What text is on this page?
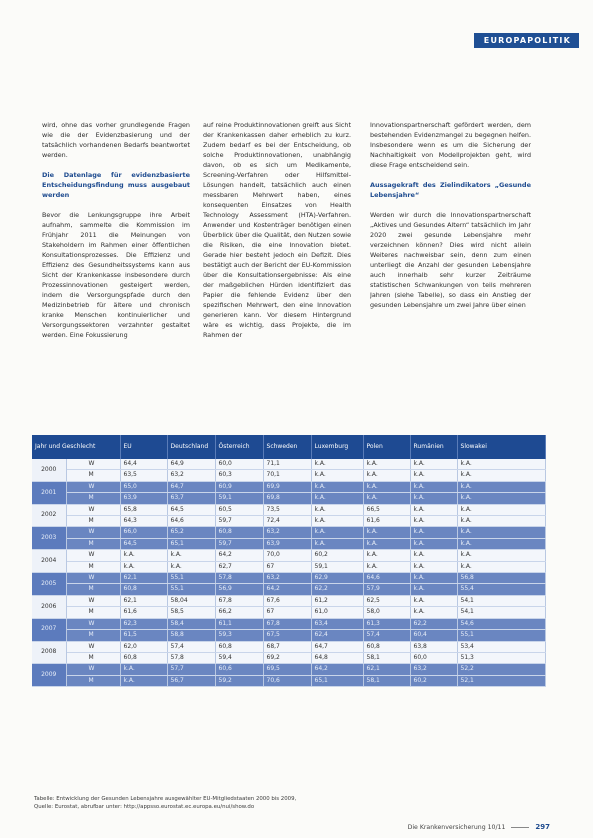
EUROPAPOLITIK

wird, ohne das vorher grundlegende Fragen wie die der Evidenzbasierung und der tatsächlich vorhandenen Bedarfs beantwortet werden.

Die Datenlage für evidenzbasierte Entscheidungsfindung muss ausgebaut werden

Bevor die Lenkungsgruppe ihre Arbeit aufnahm, sammelte die Kommission im Frühjahr 2011 die Meinungen von Stakeholdern im Rahmen einer öffentlichen Konsultationsprozesses. Die Effizienz und Effizienz des Gesundheitssystems kann aus Sicht der Krankenkasse insbesondere durch Prozessinnovationen gesteigert werden, indem die Versorgungspfade durch den Medizinbetrieb für ältere und chronisch kranke Menschen kontinuierlicher und Versorgungssektoren verzahnter gestaltet werden. Eine Fokussierung

auf reine Produktinnovationen greift aus Sicht der Krankenkassen daher erheblich zu kurz. Zudem bedarf es bei der Entscheidung, ob solche Produktinnovationen, unabhängig davon, ob es sich um Medikamente, Screening-Verfahren oder Hilfsmittel-Lösungen handelt, tatsächlich auch einen messbaren Mehrwert haben, eines konsequenten Einsatzes von Health Technology Assessment (HTA)-Verfahren. Anwender und Kostenträger benötigen einen Überblick über die Qualität, den Nutzen sowie die Risiken, die eine Innovation bietet. Gerade hier besteht jedoch ein Defizit. Dies bestätigt auch der Bericht der EU-Kommission über die Konsultationsergebnisse: Als eine der maßgeblichen Hürden identifiziert das Papier die fehlende Evidenz über den spezifischen Mehrwert, den eine Innovation generieren kann. Vor diesem Hintergrund wäre es wichtig, dass Projekte, die im Rahmen der

Innovationspartnerschaft gefördert werden, dem bestehenden Evidenzmangel zu begegnen helfen. Insbesondere wenn es um die Sicherung der Nachhaltigkeit von Modellprojekten geht, wird diese Frage entscheidend sein.

Aussagekraft des Zielindikators „Gesunde Lebensjahre“

Werden wir durch die Innovationspartnerschaft „Aktives und Gesundes Altern“ tatsächlich im Jahr 2020 zwei gesunde Lebensjahre mehr verzeichnen können? Dies wird nicht allein Weiteres nachweisbar sein, denn zum einen unterliegt die Anzahl der gesunden Lebensjahre auch innerhalb sehr kurzer Zeiträume statistischen Schwankungen von teils mehreren Jahren (siehe Tabelle), so dass ein Anstieg der gesunden Lebensjahre um zwei Jahre über einen

Jahr und Geschlecht		EU	Deutschland	Österreich	Schweden	Luxemburg	Polen	Rumänien	Slowakei
2000	W	64,4	64,9	60,0	71,1	k.A.	k.A.	k.A.	k.A.
	M	63,5	63,2	60,3	70,1	k.A.	k.A.	k.A.	k.A.
2001	W	65,0	64,7	60,9	69,9	k.A.	k.A.	k.A.	k.A.
	M	63,9	63,7	59,1	69,8	k.A.	k.A.	k.A.	k.A.
2002	W	65,8	64,5	60,5	73,5	k.A.	66,5	k.A.	k.A.
	M	64,3	64,6	59,7	72,4	k.A.	61,6	k.A.	k.A.
2003	W	66,0	65,2	60,8	63,2	k.A.	k.A.	k.A.	k.A.
	M	64,5	65,1	59,7	63,9	k.A.	k.A.	k.A.	k.A.
2004	W	k.A.	k.A.	64,2	70,0	60,2	k.A.	k.A.	k.A.
	M	k.A.	k.A.	62,7	67	59,1	k.A.	k.A.	k.A.
2005	W	62,1	55,1	57,8	63,2	62,9	64,6	k.A.	56,8
	M	60,8	55,1	56,9	64,2	62,2	57,9	k.A.	55,4
2006	W	62,1	58,04	67,8	67,6	61,2	62,5	k.A.	54,1
	M	61,6	58,5	66,2	67	61,0	58,0	k.A.	54,1
2007	W	62,3	58,4	61,1	67,8	63,4	61,3	62,2	54,6
	M	61,5	58,8	59,3	67,5	62,4	57,4	60,4	55,1
2008	W	62,0	57,4	60,8	68,7	64,7	60,8	63,8	53,4
	M	60,8	57,8	59,4	69,2	64,8	58,1	60,0	51,3
2009	W	k.A.	57,7	60,6	69,5	64,2	62,1	63,2	52,2
	M	k.A.	56,7	59,2	70,6	65,1	58,1	60,2	52,1
Tabelle: Entwicklung der Gesunden Lebensjahre ausgewählter EU-Mitgliedstaaten 2000 bis 2009,
Quelle: Eurostat, abrufbar unter: http://appsso.eurostat.ec.europa.eu/nui/show.do
Die Krankenversicherung 10/11	297
